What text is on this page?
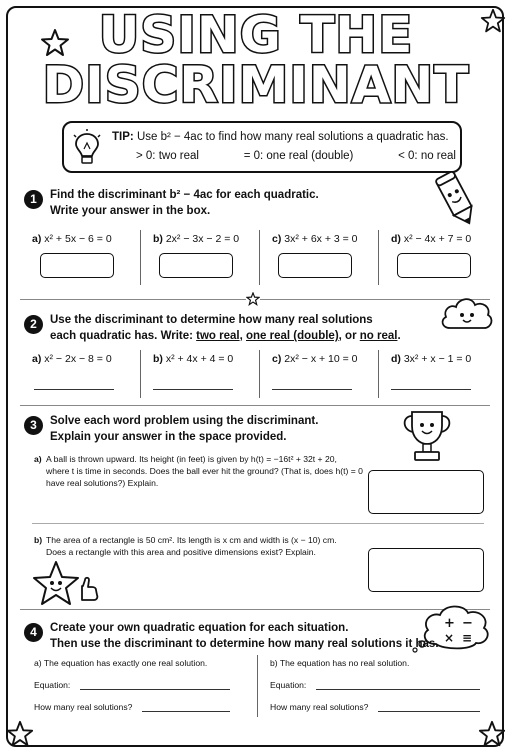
USING THE
DISCRIMINANT
TIP: Use b² − 4ac to find how many real solutions a quadratic has.
> 0: two real	= 0: one real (double)	< 0: no real
1	Find the discriminant b² − 4ac for each quadratic.
Write your answer in the box.
a) x² + 5x − 6 = 0	b) 2x² − 3x − 2 = 0	c) 3x² + 6x + 3 = 0	d) x² − 4x + 7 = 0
2	Use the discriminant to determine how many real solutions
each quadratic has. Write: two real, one real (double), or no real.
a) x² − 2x − 8 = 0	b) x² + 4x + 4 = 0	c) 2x² − x + 10 = 0	d) 3x² + x − 1 = 0
3	Solve each word problem using the discriminant.
Explain your answer in the space provided.
a) A ball is thrown upward. Its height (in feet) is given by h(t) = −16t² + 32t + 20,
where t is time in seconds. Does the ball ever hit the ground? (That is, does h(t) = 0
have real solutions?) Explain.
b) The area of a rectangle is 50 cm². Its length is x cm and width is (x − 10) cm.
Does a rectangle with this area and positive dimensions exist? Explain.
+ −
× ≡
4	Create your own quadratic equation for each situation.
Then use the discriminant to determine how many real solutions it has.
a) The equation has exactly one real solution.	b) The equation has no real solution.
Equation:	Equation:
How many real solutions?	How many real solutions?
